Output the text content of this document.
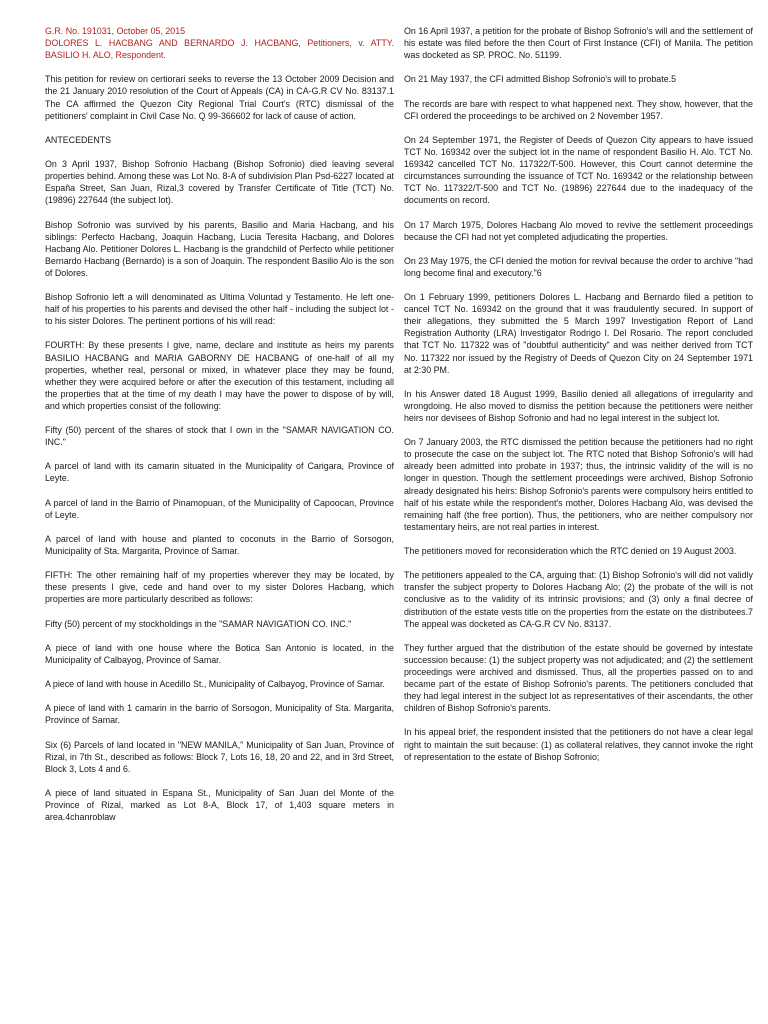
G.R. No. 191031, October 05, 2015

DOLORES L. HACBANG AND BERNARDO J. HACBANG, Petitioners, v. ATTY. BASILIO H. ALO, Respondent.

This petition for review on certiorari seeks to reverse the 13 October 2009 Decision and the 21 January 2010 resolution of the Court of Appeals (CA) in CA-G.R CV No. 83137.1 The CA affirmed the Quezon City Regional Trial Court's (RTC) dismissal of the petitioners' complaint in Civil Case No. Q 99-366602 for lack of cause of action.

ANTECEDENTS

On 3 April 1937, Bishop Sofronio Hacbang (Bishop Sofronio) died leaving several properties behind. Among these was Lot No. 8-A of subdivision Plan Psd-6227 located at España Street, San Juan, Rizal,3 covered by Transfer Certificate of Title (TCT) No. (19896) 227644 (the subject lot).

Bishop Sofronio was survived by his parents, Basilio and Maria Hacbang, and his siblings: Perfecto Hacbang, Joaquin Hacbang, Lucia Teresita Hacbang, and Dolores Hacbang Alo. Petitioner Dolores L. Hacbang is the grandchild of Perfecto while petitioner Bernardo Hacbang (Bernardo) is a son of Joaquin. The respondent Basilio Alo is the son of Dolores.

Bishop Sofronio left a will denominated as Ultima Voluntad y Testamento. He left one-half of his properties to his parents and devised the other half - including the subject lot - to his sister Dolores. The pertinent portions of his will read:

FOURTH: By these presents I give, name, declare and institute as heirs my parents BASILIO HACBANG and MARIA GABORNY DE HACBANG of one-half of all my properties, whether real, personal or mixed, in whatever place they may be found, whether they were acquired before or after the execution of this testament, including all the properties that at the time of my death I may have the power to dispose of by will, and which properties consist of the following:

Fifty (50) percent of the shares of stock that I own in the "SAMAR NAVIGATION CO. INC."

A parcel of land with its camarin situated in the Municipality of Carigara, Province of Leyte.

A parcel of land in the Barrio of Pinamopuan, of the Municipality of Capoocan, Province of Leyte.

A parcel of land with house and planted to coconuts in the Barrio of Sorsogon, Municipality of Sta. Margarita, Province of Samar.

FIFTH: The other remaining half of my properties wherever they may be located, by these presents I give, cede and hand over to my sister Dolores Hacbang, which properties are more particularly described as follows:

Fifty (50) percent of my stockholdings in the "SAMAR NAVIGATION CO. INC."

A piece of land with one house where the Botica San Antonio is located, in the Municipality of Calbayog, Province of Samar.

A piece of land with house in Acedillo St., Municipality of Calbayog, Province of Samar.

A piece of land with 1 camarin in the barrio of Sorsogon, Municipality of Sta. Margarita, Province of Samar.

Six (6) Parcels of land located in "NEW MANILA," Municipality of San Juan, Province of Rizal, in 7th St., described as follows: Block 7, Lots 16, 18, 20 and 22, and in 3rd Street, Block 3, Lots 4 and 6.

A piece of land situated in Espana St., Municipality of San Juan del Monte of the Province of Rizal, marked as Lot 8-A, Block 17, of 1,403 square meters in area.4chanroblaw

On 16 April 1937, a petition for the probate of Bishop Sofronio's will and the settlement of his estate was filed before the then Court of First Instance (CFI) of Manila. The petition was docketed as SP. PROC. No. 51199.

On 21 May 1937, the CFI admitted Bishop Sofronio's will to probate.5

The records are bare with respect to what happened next. They show, however, that the CFI ordered the proceedings to be archived on 2 November 1957.

On 24 September 1971, the Register of Deeds of Quezon City appears to have issued TCT No. 169342 over the subject lot in the name of respondent Basilio H. Alo. TCT No. 169342 cancelled TCT No. 117322/T-500. However, this Court cannot determine the circumstances surrounding the issuance of TCT No. 169342 or the relationship between TCT No. 117322/T-500 and TCT No. (19896) 227644 due to the inadequacy of the documents on record.

On 17 March 1975, Dolores Hacbang Alo moved to revive the settlement proceedings because the CFI had not yet completed adjudicating the properties.

On 23 May 1975, the CFI denied the motion for revival because the order to archive "had long become final and executory."6

On 1 February 1999, petitioners Dolores L. Hacbang and Bernardo filed a petition to cancel TCT No. 169342 on the ground that it was fraudulently secured. In support of their allegations, they submitted the 5 March 1997 Investigation Report of Land Registration Authority (LRA) Investigator Rodrigo I. Del Rosario. The report concluded that TCT No. 117322 was of "doubtful authenticity" and was neither derived from TCT No. 117322 nor issued by the Registry of Deeds of Quezon City on 24 September 1971 at 2:30 PM.

In his Answer dated 18 August 1999, Basilio denied all allegations of irregularity and wrongdoing. He also moved to dismiss the petition because the petitioners were neither heirs nor devisees of Bishop Sofronio and had no legal interest in the subject lot.

On 7 January 2003, the RTC dismissed the petition because the petitioners had no right to prosecute the case on the subject lot. The RTC noted that Bishop Sofronio's will had already been admitted into probate in 1937; thus, the intrinsic validity of the will is no longer in question. Though the settlement proceedings were archived, Bishop Sofronio already designated his heirs: Bishop Sofronio's parents were compulsory heirs entitled to half of his estate while the respondent's mother, Dolores Hacbang Alo, was devised the remaining half (the free portion). Thus, the petitioners, who are neither compulsory nor testamentary heirs, are not real parties in interest.

The petitioners moved for reconsideration which the RTC denied on 19 August 2003.

The petitioners appealed to the CA, arguing that: (1) Bishop Sofronio's will did not validly transfer the subject property to Dolores Hacbang Alo; (2) the probate of the will is not conclusive as to the validity of its intrinsic provisions; and (3) only a final decree of distribution of the estate vests title on the properties from the estate on the distributees.7 The appeal was docketed as CA-G.R CV No. 83137.

They further argued that the distribution of the estate should be governed by intestate succession because: (1) the subject property was not adjudicated; and (2) the settlement proceedings were archived and dismissed. Thus, all the properties passed on to and became part of the estate of Bishop Sofronio's parents. The petitioners concluded that they had legal interest in the subject lot as representatives of their ascendants, the other children of Bishop Sofronio's parents.

In his appeal brief, the respondent insisted that the petitioners do not have a clear legal right to maintain the suit because: (1) as collateral relatives, they cannot invoke the right of representation to the estate of Bishop Sofronio;
